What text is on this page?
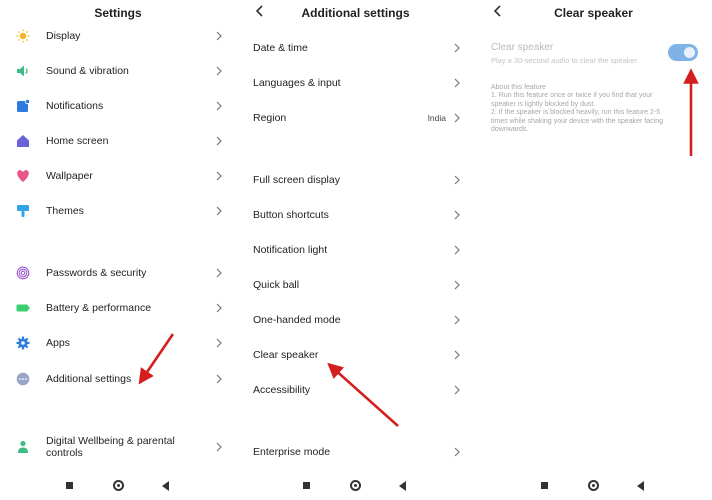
Settings
Display
Sound & vibration
Notifications
Home screen
Wallpaper
Themes
Passwords & security
Battery & performance
Apps
Additional settings
Digital Wellbeing & parental controls
Additional settings
Date & time
Languages & input
Region	India
Full screen display
Button shortcuts
Notification light
Quick ball
One-handed mode
Clear speaker
Accessibility
Enterprise mode
Clear speaker
Clear speaker
Play a 30-second audio to clear the speaker
About this feature
1. Run this feature once or twice if you find that your
speaker is lightly blocked by dust.
2. If the speaker is blocked heavily, run this feature 2-5
times while shaking your device with the speaker facing
downwards.
